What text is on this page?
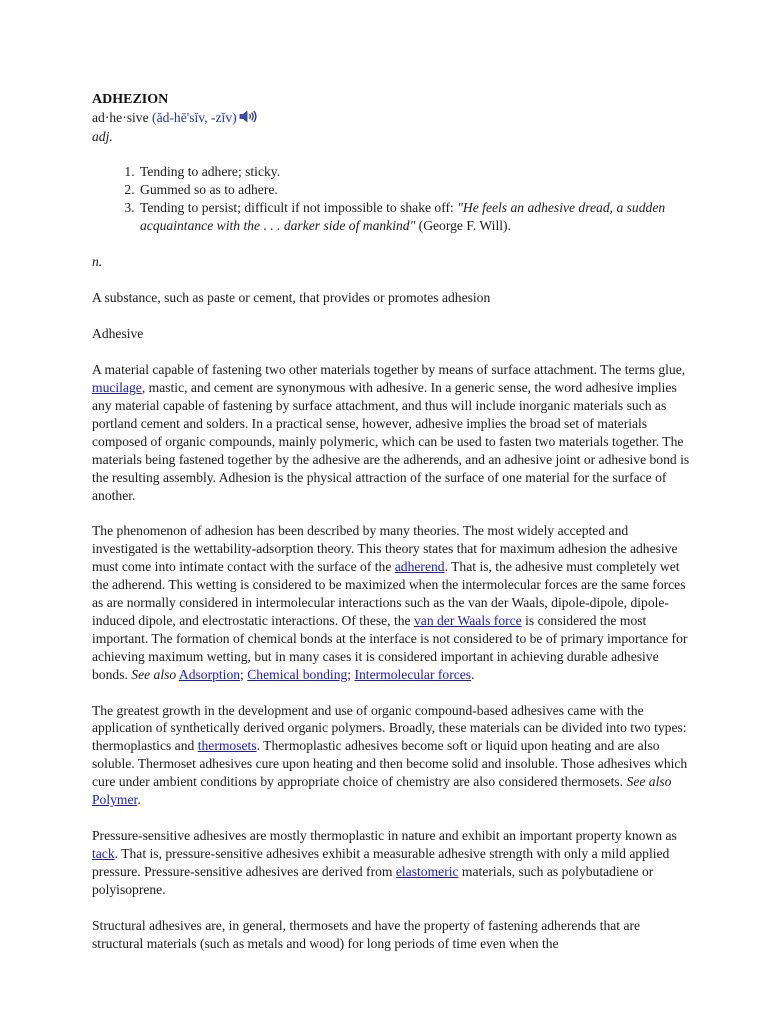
ADHEZION

ad·he·sive (ăd-hē'sĭv, -zĭv)

adj.

1. Tending to adhere; sticky.
2. Gummed so as to adhere.
3. Tending to persist; difficult if not impossible to shake off: "He feels an adhesive dread, a sudden acquaintance with the . . . darker side of mankind" (George F. Will).

n.

A substance, such as paste or cement, that provides or promotes adhesion

Adhesive

A material capable of fastening two other materials together by means of surface attachment. The terms glue, mucilage, mastic, and cement are synonymous with adhesive. In a generic sense, the word adhesive implies any material capable of fastening by surface attachment, and thus will include inorganic materials such as portland cement and solders. In a practical sense, however, adhesive implies the broad set of materials composed of organic compounds, mainly polymeric, which can be used to fasten two materials together. The materials being fastened together by the adhesive are the adherends, and an adhesive joint or adhesive bond is the resulting assembly. Adhesion is the physical attraction of the surface of one material for the surface of another.

The phenomenon of adhesion has been described by many theories. The most widely accepted and investigated is the wettability-adsorption theory. This theory states that for maximum adhesion the adhesive must come into intimate contact with the surface of the adherend. That is, the adhesive must completely wet the adherend. This wetting is considered to be maximized when the intermolecular forces are the same forces as are normally considered in intermolecular interactions such as the van der Waals, dipole-dipole, dipole-induced dipole, and electrostatic interactions. Of these, the van der Waals force is considered the most important. The formation of chemical bonds at the interface is not considered to be of primary importance for achieving maximum wetting, but in many cases it is considered important in achieving durable adhesive bonds. See also Adsorption; Chemical bonding; Intermolecular forces.

The greatest growth in the development and use of organic compound-based adhesives came with the application of synthetically derived organic polymers. Broadly, these materials can be divided into two types: thermoplastics and thermosets. Thermoplastic adhesives become soft or liquid upon heating and are also soluble. Thermoset adhesives cure upon heating and then become solid and insoluble. Those adhesives which cure under ambient conditions by appropriate choice of chemistry are also considered thermosets. See also Polymer.

Pressure-sensitive adhesives are mostly thermoplastic in nature and exhibit an important property known as tack. That is, pressure-sensitive adhesives exhibit a measurable adhesive strength with only a mild applied pressure. Pressure-sensitive adhesives are derived from elastomeric materials, such as polybutadiene or polyisoprene.

Structural adhesives are, in general, thermosets and have the property of fastening adherends that are structural materials (such as metals and wood) for long periods of time even when the
